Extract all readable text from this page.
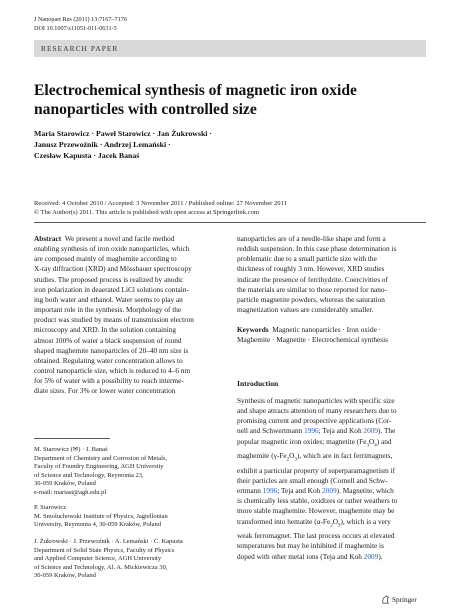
J Nanopart Res (2011) 13:7167–7176
DOI 10.1007/s11051-011-0631-5
RESEARCH PAPER
Electrochemical synthesis of magnetic iron oxide nanoparticles with controlled size
Maria Starowicz · Paweł Starowicz · Jan Żukrowski ·
Janusz Przewoźnik · Andrzej Lemański ·
Czesław Kapusta · Jacek Banaś
Received: 4 October 2010 / Accepted: 3 November 2011 / Published online: 27 November 2011
© The Author(s) 2011. This article is published with open access at Springerlink.com
Abstract We present a novel and facile method
enabling synthesis of iron oxide nanoparticles, which
are composed mainly of maghemite according to
X-ray diffraction (XRD) and Mössbauer spectroscopy
studies. The proposed process is realized by anodic
iron polarization in deaerated LiCl solutions contain-
ing both water and ethanol. Water seems to play an
important role in the synthesis. Morphology of the
product was studied by means of transmission electron
microscopy and XRD. In the solution containing
almost 100% of water a black suspension of round
shaped maghemite nanoparticles of 20–40 nm size is
obtained. Regulating water concentration allows to
control nanoparticle size, which is reduced to 4–6 nm
for 5% of water with a possibility to reach interme-
diate sizes. For 3% or lower water concentration
M. Starowicz (✉) · J. Banaś
Department of Chemistry and Corrosion of Metals,
Faculty of Foundry Engineering, AGH University
of Science and Technology, Reymonta 23,
30-059 Kraków, Poland
e-mail: mariast@agh.edu.pl
P. Starowicz
M. Smoluchowski Institute of Physics, Jagiellonian
University, Reymonta 4, 30-059 Kraków, Poland
J. Żukrowski · J. Przewoźnik · A. Lemański · C. Kapusta
Department of Solid State Physics, Faculty of Physics
and Applied Computer Science, AGH University
of Science and Technology, Al. A. Mickiewicza 30,
30-059 Kraków, Poland
nanoparticles are of a needle-like shape and form a
reddish suspension. In this case phase determination is
problematic due to a small particle size with the
thickness of roughly 3 nm. However, XRD studies
indicate the presence of ferrihydrite. Coercivities of
the materials are similar to those reported for nano-
particle magnetite powders, whereas the saturation
magnetization values are considerably smaller.
Keywords Magnetic nanoparticles · Iron oxide ·
Maghemite · Magnetite · Electrochemical synthesis
Introduction
Synthesis of magnetic nanoparticles with specific size
and shape attracts attention of many researchers due to
promising current and prospective applications (Cor-
nell and Schwertmann 1996; Teja and Koh 2009). The
popular magnetic iron oxides; magnetite $(Fe_3O_4)$ and
maghemite $(\gamma-Fe_2O_3)$, which are in fact ferrimagnets,
exhibit a particular property of superparamagnetism if
their particles are small enough (Cornell and Schw-
ertmann 1996; Teja and Koh 2009). Magnetite, which
is chemically less stable, oxidizes or rather weathers to
more stable maghemite. However, maghemite may be
transformed into hematite $(\alpha-Fe_2O_3)$, which is a very
weak ferromagnet. The last process occurs at elevated
temperatures but may be inhibited if maghemite is
doped with other metal ions (Teja and Koh 2009).
Springer
